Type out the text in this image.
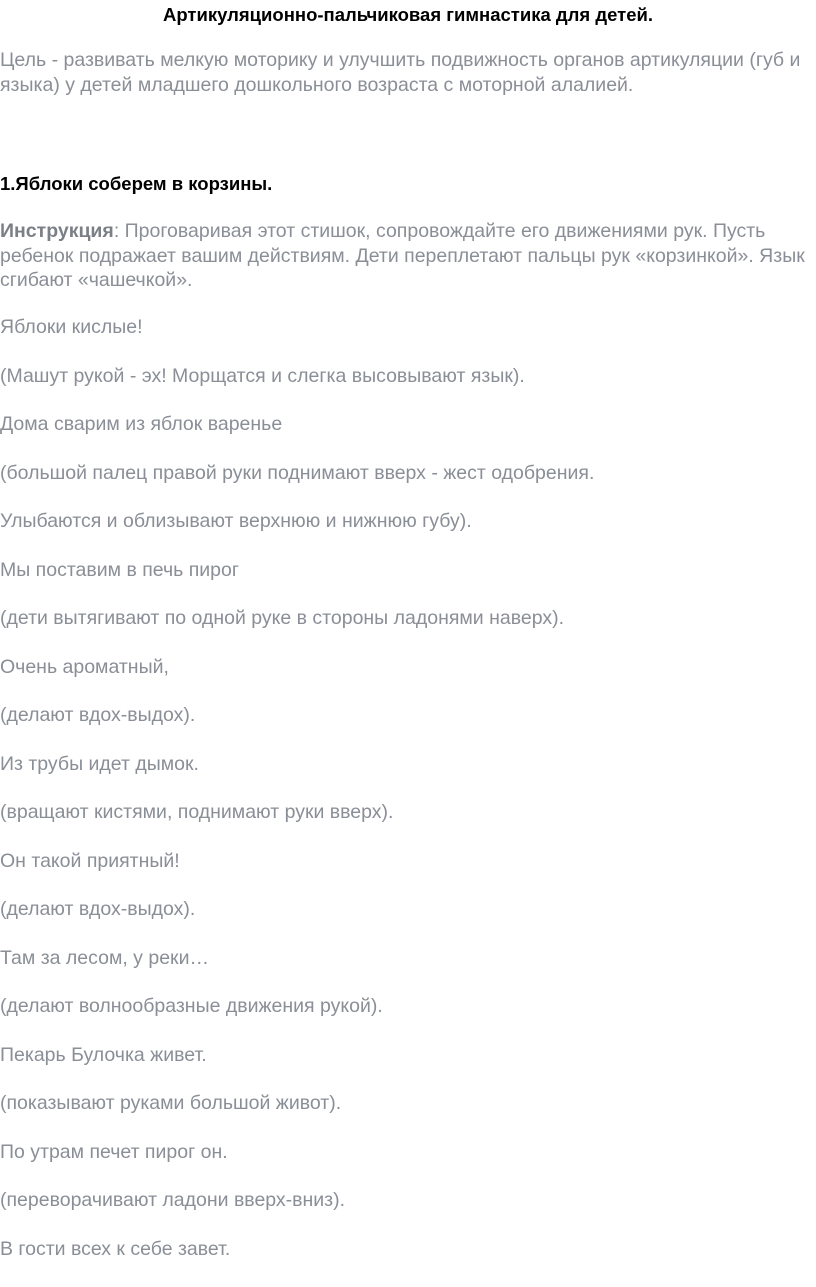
Артикуляционно-пальчиковая гимнастика для детей.
Цель - развивать мелкую моторику и улучшить подвижность органов артикуляции (губ и языка) у детей младшего дошкольного возраста с моторной алалией.
1.Яблоки соберем в корзины.
Инструкция: Проговаривая этот стишок, сопровождайте его движениями рук. Пусть ребенок подражает вашим действиям. Дети переплетают пальцы рук «корзинкой». Язык сгибают «чашечкой».
Яблоки кислые!
(Машут рукой - эх! Морщатся и слегка высовывают язык).
Дома сварим из яблок варенье
(большой палец правой руки поднимают вверх - жест одобрения.
Улыбаются и облизывают верхнюю и нижнюю губу).
Мы поставим в печь пирог
(дети вытягивают по одной руке в стороны ладонями наверх).
Очень ароматный,
(делают вдох-выдох).
Из трубы идет дымок.
(вращают кистями, поднимают руки вверх).
Он такой приятный!
(делают вдох-выдох).
Там за лесом, у реки…
(делают волнообразные движения рукой).
Пекарь Булочка живет.
(показывают руками большой живот).
По утрам печет пирог он.
(переворачивают ладони вверх-вниз).
В гости всех к себе завет.
